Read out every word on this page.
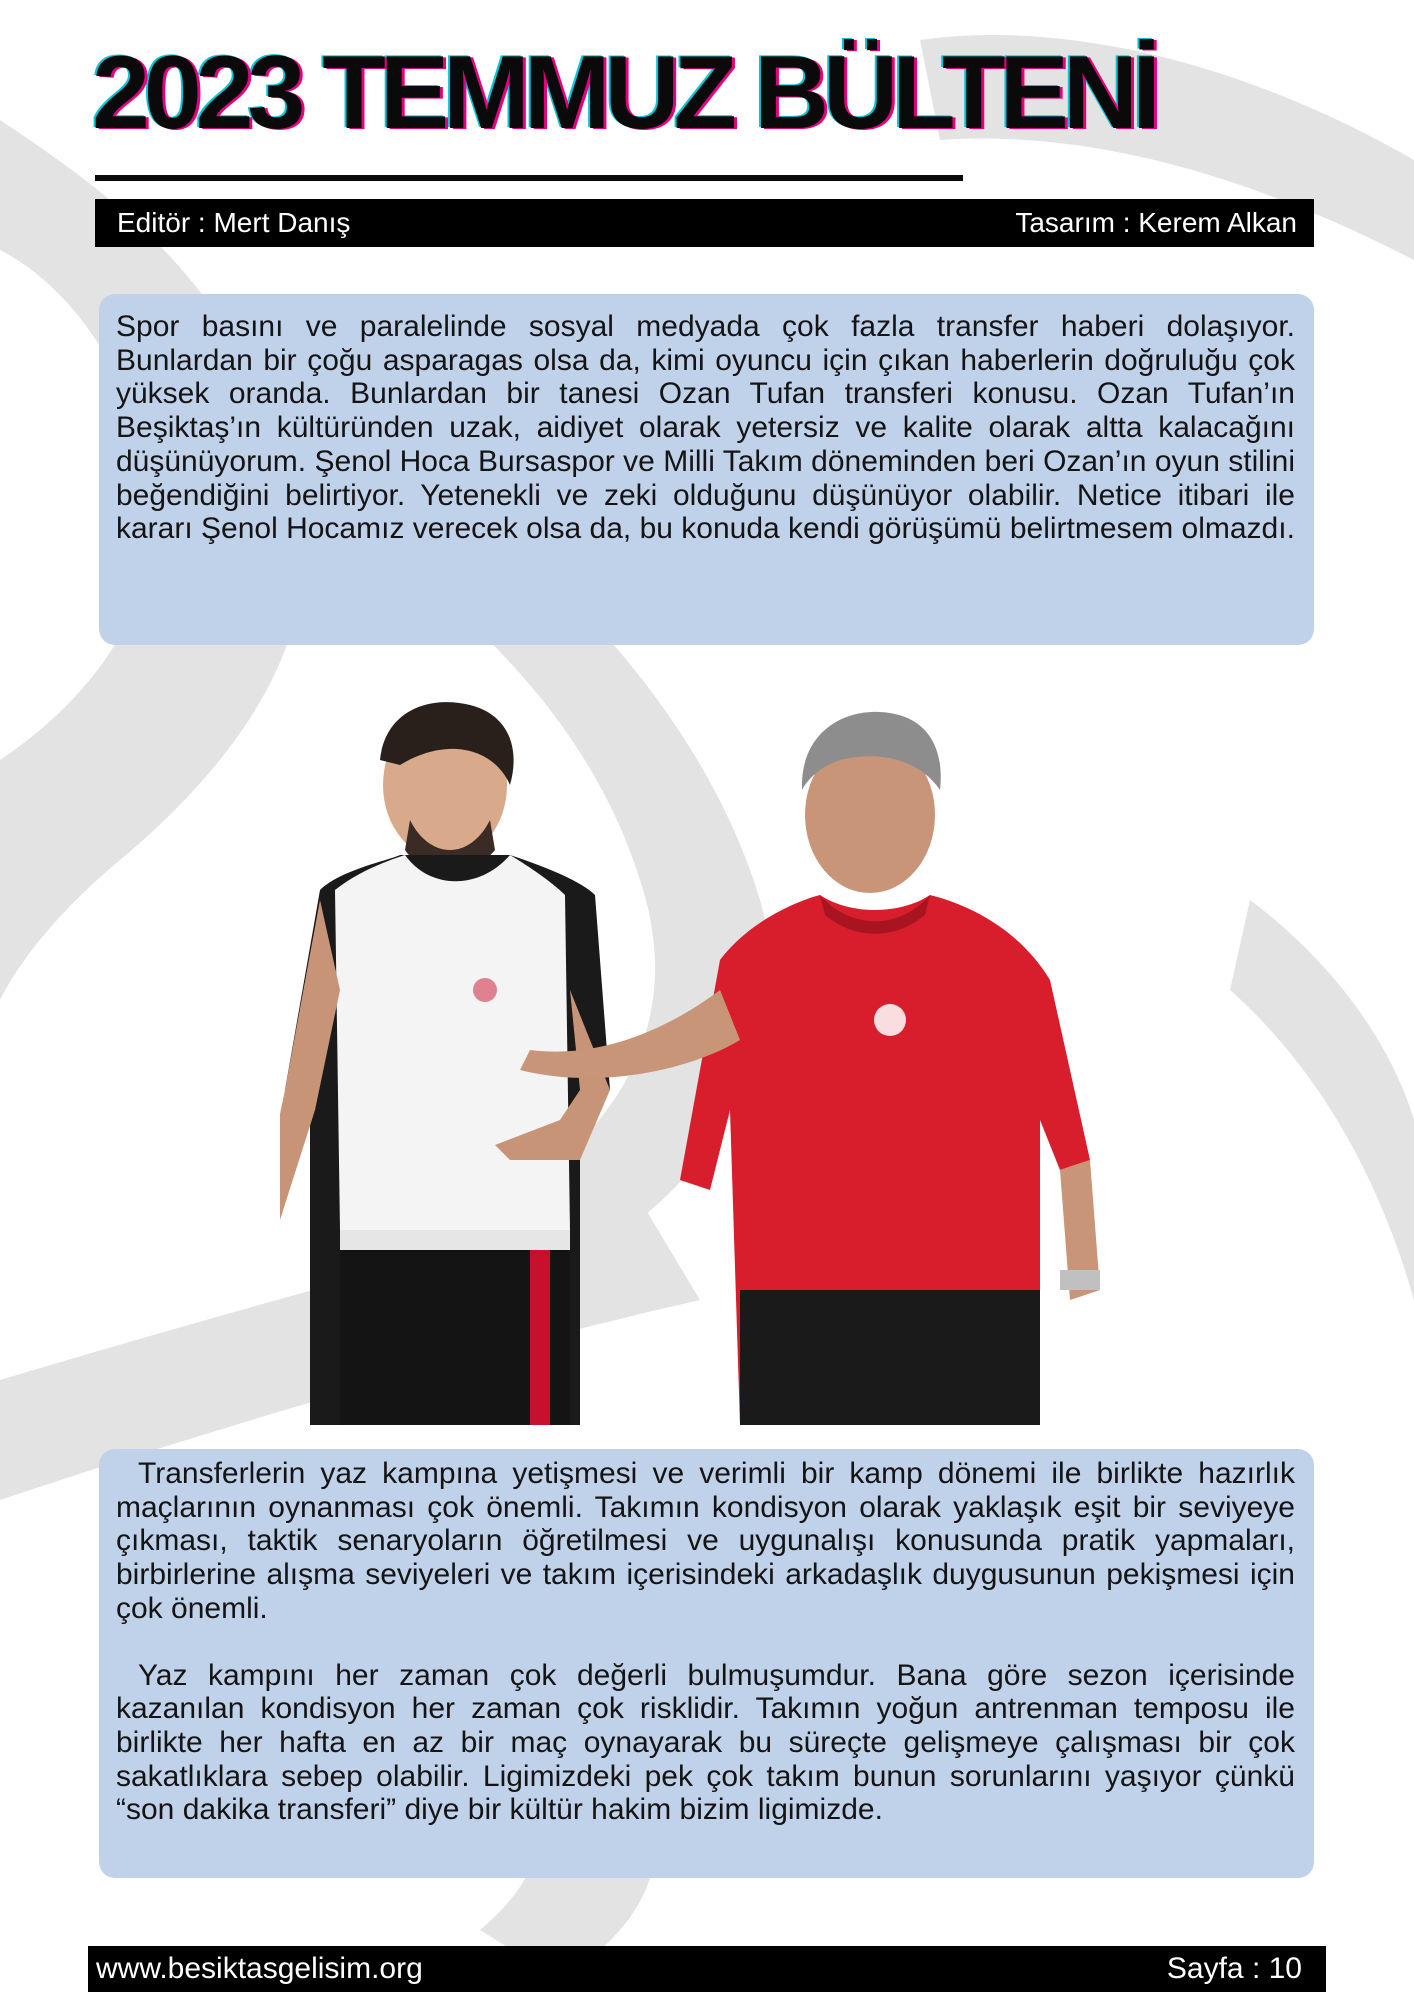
2023 TEMMUZ BÜLTENİ
Editör : Mert Danış	Tasarım : Kerem Alkan

Spor basını ve paralelinde sosyal medyada çok fazla transfer haberi dolaşıyor. Bunlardan bir çoğu asparagas olsa da, kimi oyuncu için çıkan haberlerin doğruluğu çok yüksek oranda. Bunlardan bir tanesi Ozan Tufan transferi konusu. Ozan Tufan’ın Beşiktaş’ın kültüründen uzak, aidiyet olarak yetersiz ve kalite olarak altta kalacağını düşünüyorum. Şenol Hoca Bursaspor ve Milli Takım döneminden beri Ozan’ın oyun stilini beğendiğini belirtiyor. Yetenekli ve zeki olduğunu düşünüyor olabilir. Netice itibari ile kararı Şenol Hocamız verecek olsa da, bu konuda kendi görüşümü belirtmesem olmazdı.

Transferlerin yaz kampına yetişmesi ve verimli bir kamp dönemi ile birlikte hazırlık maçlarının oynanması çok önemli. Takımın kondisyon olarak yaklaşık eşit bir seviyeye çıkması, taktik senaryoların öğretilmesi ve uygunalışı konusunda pratik yapmaları, birbirlerine alışma seviyeleri ve takım içerisindeki arkadaşlık duygusunun pekişmesi için çok önemli.

Yaz kampını her zaman çok değerli bulmuşumdur. Bana göre sezon içerisinde kazanılan kondisyon her zaman çok risklidir. Takımın yoğun antrenman temposu ile birlikte her hafta en az bir maç oynayarak bu süreçte gelişmeye çalışması bir çok sakatlıklara sebep olabilir. Ligimizdeki pek çok takım bunun sorunlarını yaşıyor çünkü “son dakika transferi” diye bir kültür hakim bizim ligimizde.

www.besiktasgelisim.org	Sayfa : 10
